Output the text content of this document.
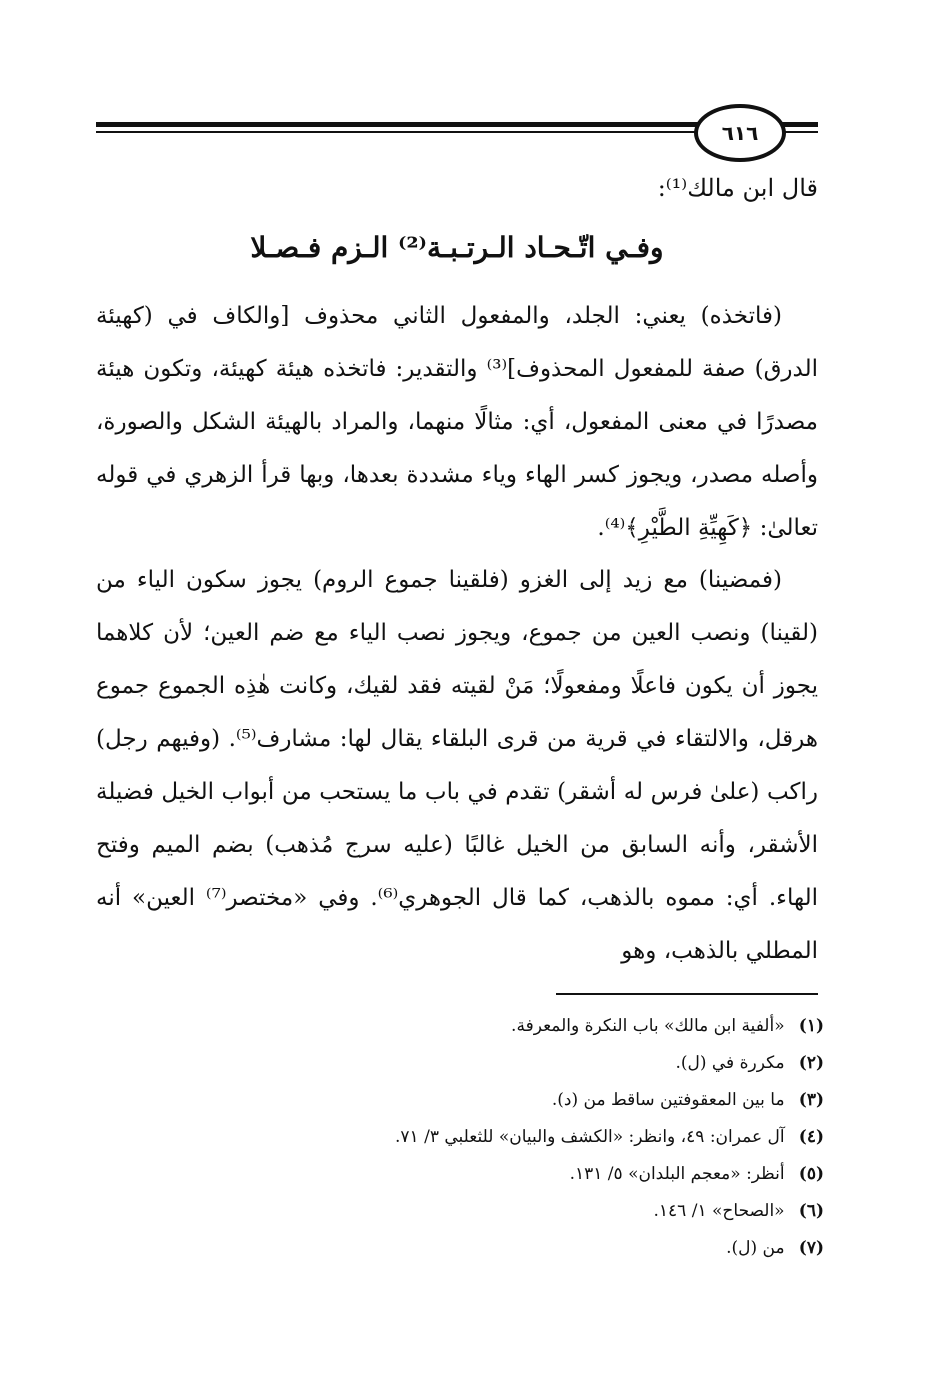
٦١٦
قال ابن مالك⁽¹⁾:
وفـي اتّـحـاد الـرتـبـة⁽²⁾ الـزم فـصـلا

(فاتخذه) يعني: الجلد، والمفعول الثاني محذوف [والكاف في (كهيئة الدرق) صفة للمفعول المحذوف]⁽³⁾ والتقدير: فاتخذه هيئة كهيئة، وتكون هيئة مصدرًا في معنى المفعول، أي: مثالًا منهما، والمراد بالهيئة الشكل والصورة، وأصله مصدر، ويجوز كسر الهاء وياء مشددة بعدها، وبها قرأ الزهري في قوله تعالىٰ: ﴿كَهِيِّةِ الطَّيْرِ﴾⁽⁴⁾.

(فمضينا) مع زيد إلى الغزو (فلقينا جموع الروم) يجوز سكون الياء من (لقينا) ونصب العين من جموع، ويجوز نصب الياء مع ضم العين؛ لأن كلاهما يجوز أن يكون فاعلًا ومفعولًا؛ مَنْ لقيته فقد لقيك، وكانت هٰذِه الجموع جموع هرقل، والالتقاء في قرية من قرى البلقاء يقال لها: مشارف⁽⁵⁾. (وفيهم رجل) راكب (علىٰ فرس له أشقر) تقدم في باب ما يستحب من أبواب الخيل فضيلة الأشقر، وأنه السابق من الخيل غالبًا (عليه سرج مُذهب) بضم الميم وفتح الهاء. أي: مموه بالذهب، كما قال الجوهري⁽⁶⁾. وفي «مختصر⁽⁷⁾ العين» أنه المطلي بالذهب، وهو

(١) «ألفية ابن مالك» باب النكرة والمعرفة.
(٢) مكررة في (ل).
(٣) ما بين المعقوفتين ساقط من (د).
(٤) آل عمران: ٤٩، وانظر: «الكشف والبيان» للثعلبي ٣/ ٧١.
(٥) أنظر: «معجم البلدان» ٥/ ١٣١.
(٦) «الصحاح» ١/ ١٤٦.
(٧) من (ل).
